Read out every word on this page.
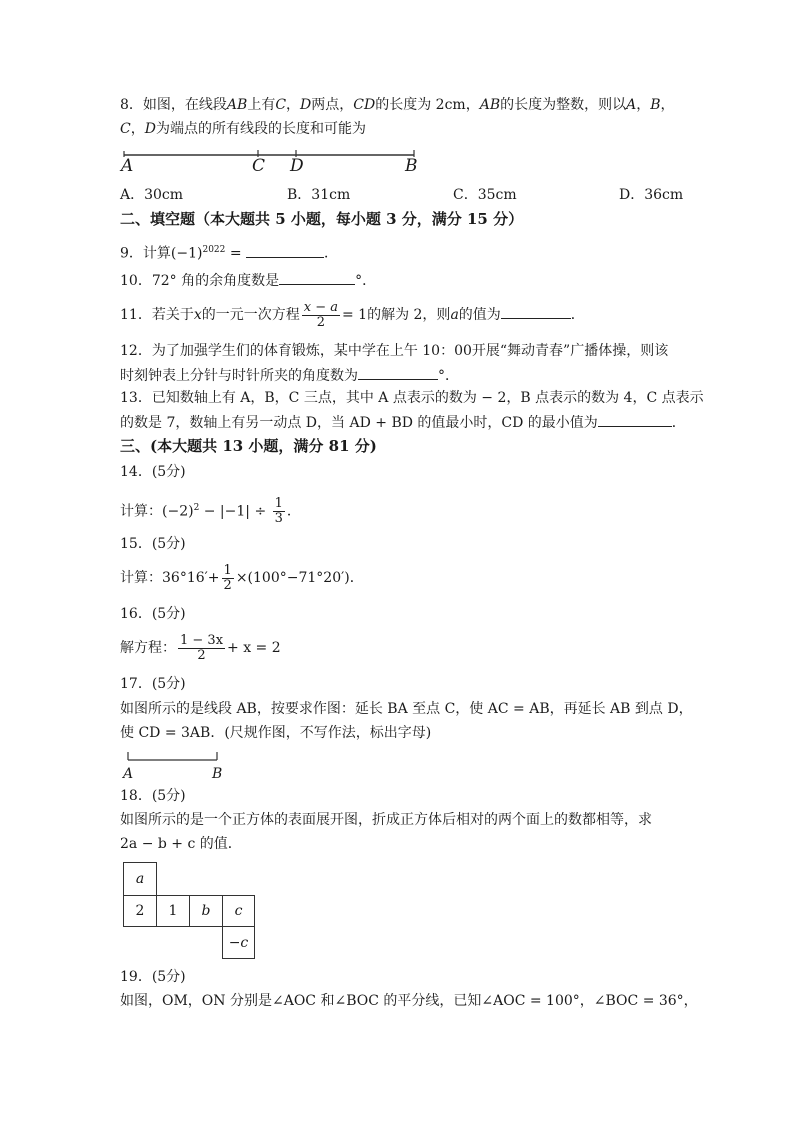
8．如图，在线段AB上有C，D两点，CD的长度为 2cm，AB的长度为整数，则以A，B，
C，D为端点的所有线段的长度和可能为
A	C D	B
A．30cm	B．31cm	C．35cm	D．36cm
二、填空题（本大题共 5 小题，每小题 3 分，满分 15 分）
9．计算$(-1)^{2022}$ =	．
10．72° 角的余角度数是	°．
11．若关于x的一元一次方程 $\frac{x - a}{2} = 1$的解为 2，则a的值为	．
12．为了加强学生们的体育锻炼，某中学在上午 10：00开展“舞动青春”广播体操，则该
时刻钟表上分针与时针所夹的角度数为	°．
13．已知数轴上有 A，B，C 三点，其中 A 点表示的数为 − 2，B 点表示的数为 4，C 点表示
的数是 7，数轴上有另一动点 D，当 AD + BD 的值最小时，CD 的最小值为	．
三、(本大题共 13 小题，满分 81 分)
14．(5分)
计算：$(-2)^2 - |-1| \div \frac{1}{3}$ ．
15．(5分)
计算：$36^\circ 16'+ \frac{1}{2} \times(100^\circ-71^\circ 20')$．
16．(5分)
解方程： $\frac{1 - 3x}{2} + x = 2$
17．(5分)
如图所示的是线段 AB，按要求作图：延长 BA 至点 C，使 AC = AB，再延长 AB 到点 D，
使 CD = 3AB．(尺规作图，不写作法，标出字母)
A	B
18．(5分)
如图所示的是一个正方体的表面展开图，折成正方体后相对的两个面上的数都相等，求
2a − b + c 的值．
a
2	1	b	c
−c
19．(5分)
如图，OM，ON 分别是∠AOC 和∠BOC 的平分线，已知∠AOC = 100°，∠BOC = 36°，
